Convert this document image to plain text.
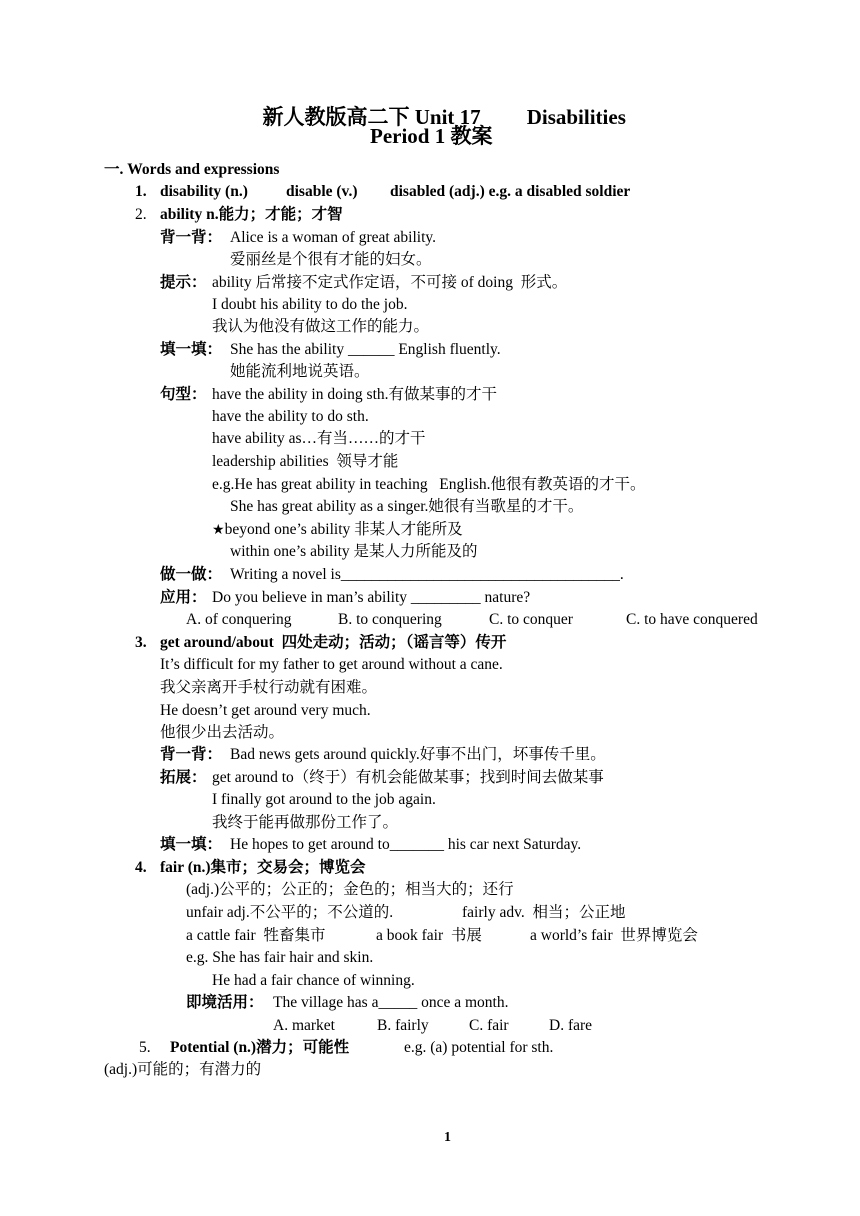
新人教版高二下 Unit 17 Disabilities

Period 1 教案
一. Words and expressions
1. disability (n.) disable (v.) disabled (adj.) e.g. a disabled soldier
2. ability n.能力；才能；才智
背一背： Alice is a woman of great ability.
爱丽丝是个很有才能的妇女。
提示： ability 后常接不定式作定语，不可接 of doing  形式。
I doubt his ability to do the job.
我认为他没有做这工作的能力。
填一填： She has the ability ______ English fluently.
她能流利地说英语。
句型： have the ability in doing sth.有做某事的才干
have the ability to do sth.
have ability as…有当……的才干
leadership abilities  领导才能
e.g.He has great ability in teaching   English.他很有教英语的才干。
She has great ability as a singer.她很有当歌星的才干。
★beyond one’s ability 非某人才能所及
within one’s ability 是某人力所能及的
做一做： Writing a novel is____________________________________.
应用： Do you believe in man’s ability _________ nature?
A. of conquering	B. to conquering	C. to conquer	C. to have conquered
3. get around/about  四处走动；活动；（谣言等）传开
It’s difficult for my father to get around without a cane.
我父亲离开手杖行动就有困难。
He doesn’t get around very much.
他很少出去活动。
背一背： Bad news gets around quickly.好事不出门，坏事传千里。
拓展： get around to（终于）有机会能做某事；找到时间去做某事
I finally got around to the job again.
我终于能再做那份工作了。
填一填： He hopes to get around to_______ his car next Saturday.
4. fair (n.)集市；交易会；博览会
(adj.)公平的；公正的；金色的；相当大的；还行
unfair adj.不公平的；不公道的.	fairly adv.  相当；公正地
a cattle fair  牲畜集市	a book fair  书展	a world’s fair  世界博览会
e.g. She has fair hair and skin.
He had a fair chance of winning.
即境活用： The village has a_____ once a month.
A. market	B. fairly	C. fair	D. fare
5. Potential (n.)潜力；可能性	e.g. (a) potential for sth.
(adj.)可能的；有潜力的
1
